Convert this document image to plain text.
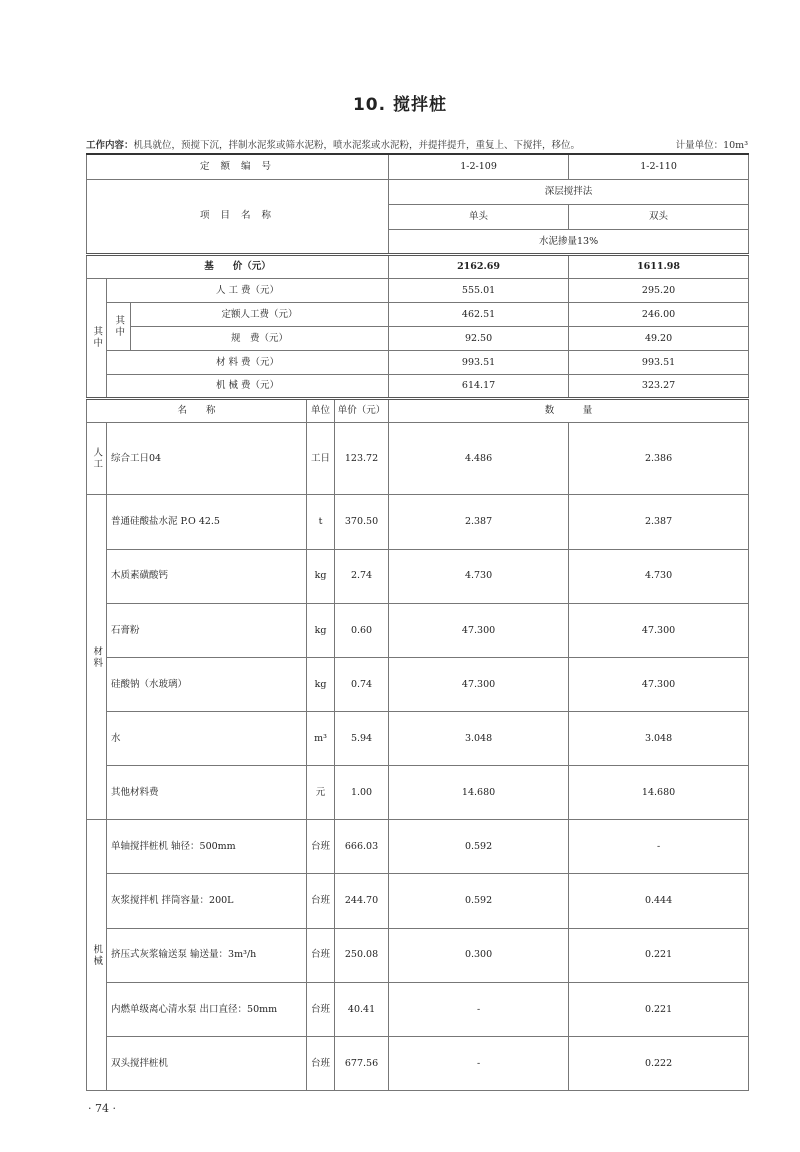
10. 搅拌桩
工作内容：机具就位，预搅下沉，拌制水泥浆或筛水泥粉，喷水泥浆或水泥粉，并提拌提升，重复上、下搅拌，移位。	计量单位：10m³
定 额 编 号					1-2-109	1-2-110
项 目 名 称					深层搅拌法	
					单头	双头
					水泥掺量13%	
基　　价（元）					2162.69	1611.98

其中	人 工 费（元）				555.01	295.20

	其中	定额人工费（元）			462.51	246.00
		规　费（元）			92.50	49.20
	材 料 费（元）				993.51	993.51
	机 械 费（元）				614.17	323.27
名　　称			单位	单价（元）	数　　　量	

人工	综合工日04		工日	123.72	4.486	2.386

材料	普通硅酸盐水泥 P.O 42.5		t	370.50	2.387	2.387
	木质素磺酸钙		kg	2.74	4.730	4.730
	石膏粉		kg	0.60	47.300	47.300
	硅酸钠（水玻璃）		kg	0.74	47.300	47.300
	水		m³	5.94	3.048	3.048
	其他材料费		元	1.00	14.680	14.680

机械	单轴搅拌桩机 轴径：500mm		台班	666.03	0.592	-
	灰浆搅拌机 拌筒容量：200L		台班	244.70	0.592	0.444
	挤压式灰浆输送泵 输送量：3m³/h		台班	250.08	0.300	0.221
	内燃单级离心清水泵 出口直径：50mm		台班	40.41	-	0.221
	双头搅拌桩机		台班	677.56	-	0.222
· 74 ·
